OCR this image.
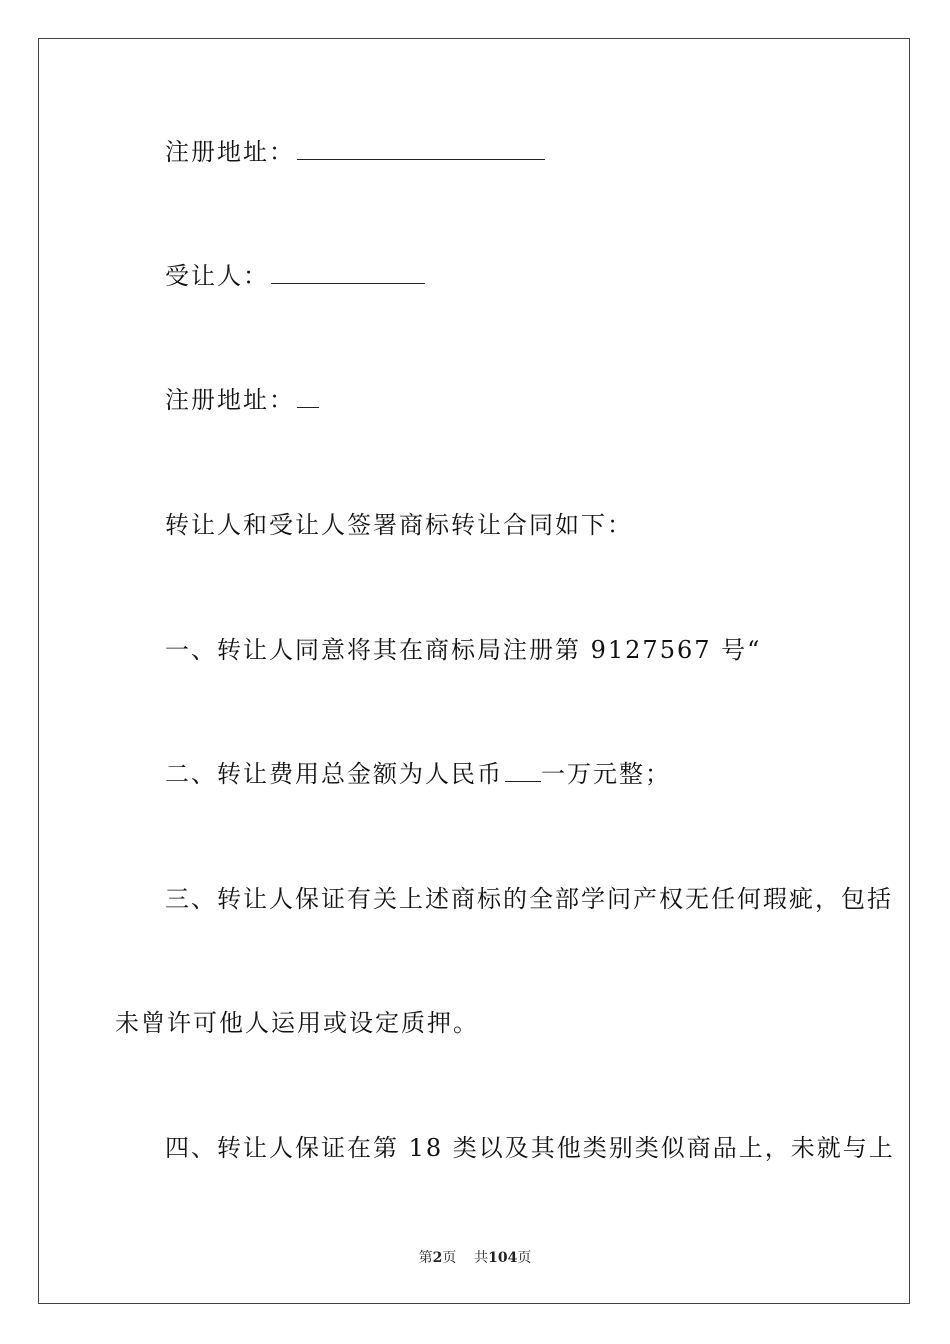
注册地址：
受让人：
注册地址：
转让人和受让人签署商标转让合同如下：
一、转让人同意将其在商标局注册第 9127567 号“
二、转让费用总金额为人民币 一万元整；
三、转让人保证有关上述商标的全部学问产权无任何瑕疵，包括
未曾许可他人运用或设定质押。
四、转让人保证在第 18 类以及其他类别类似商品上，未就与上
第2页 共104页
